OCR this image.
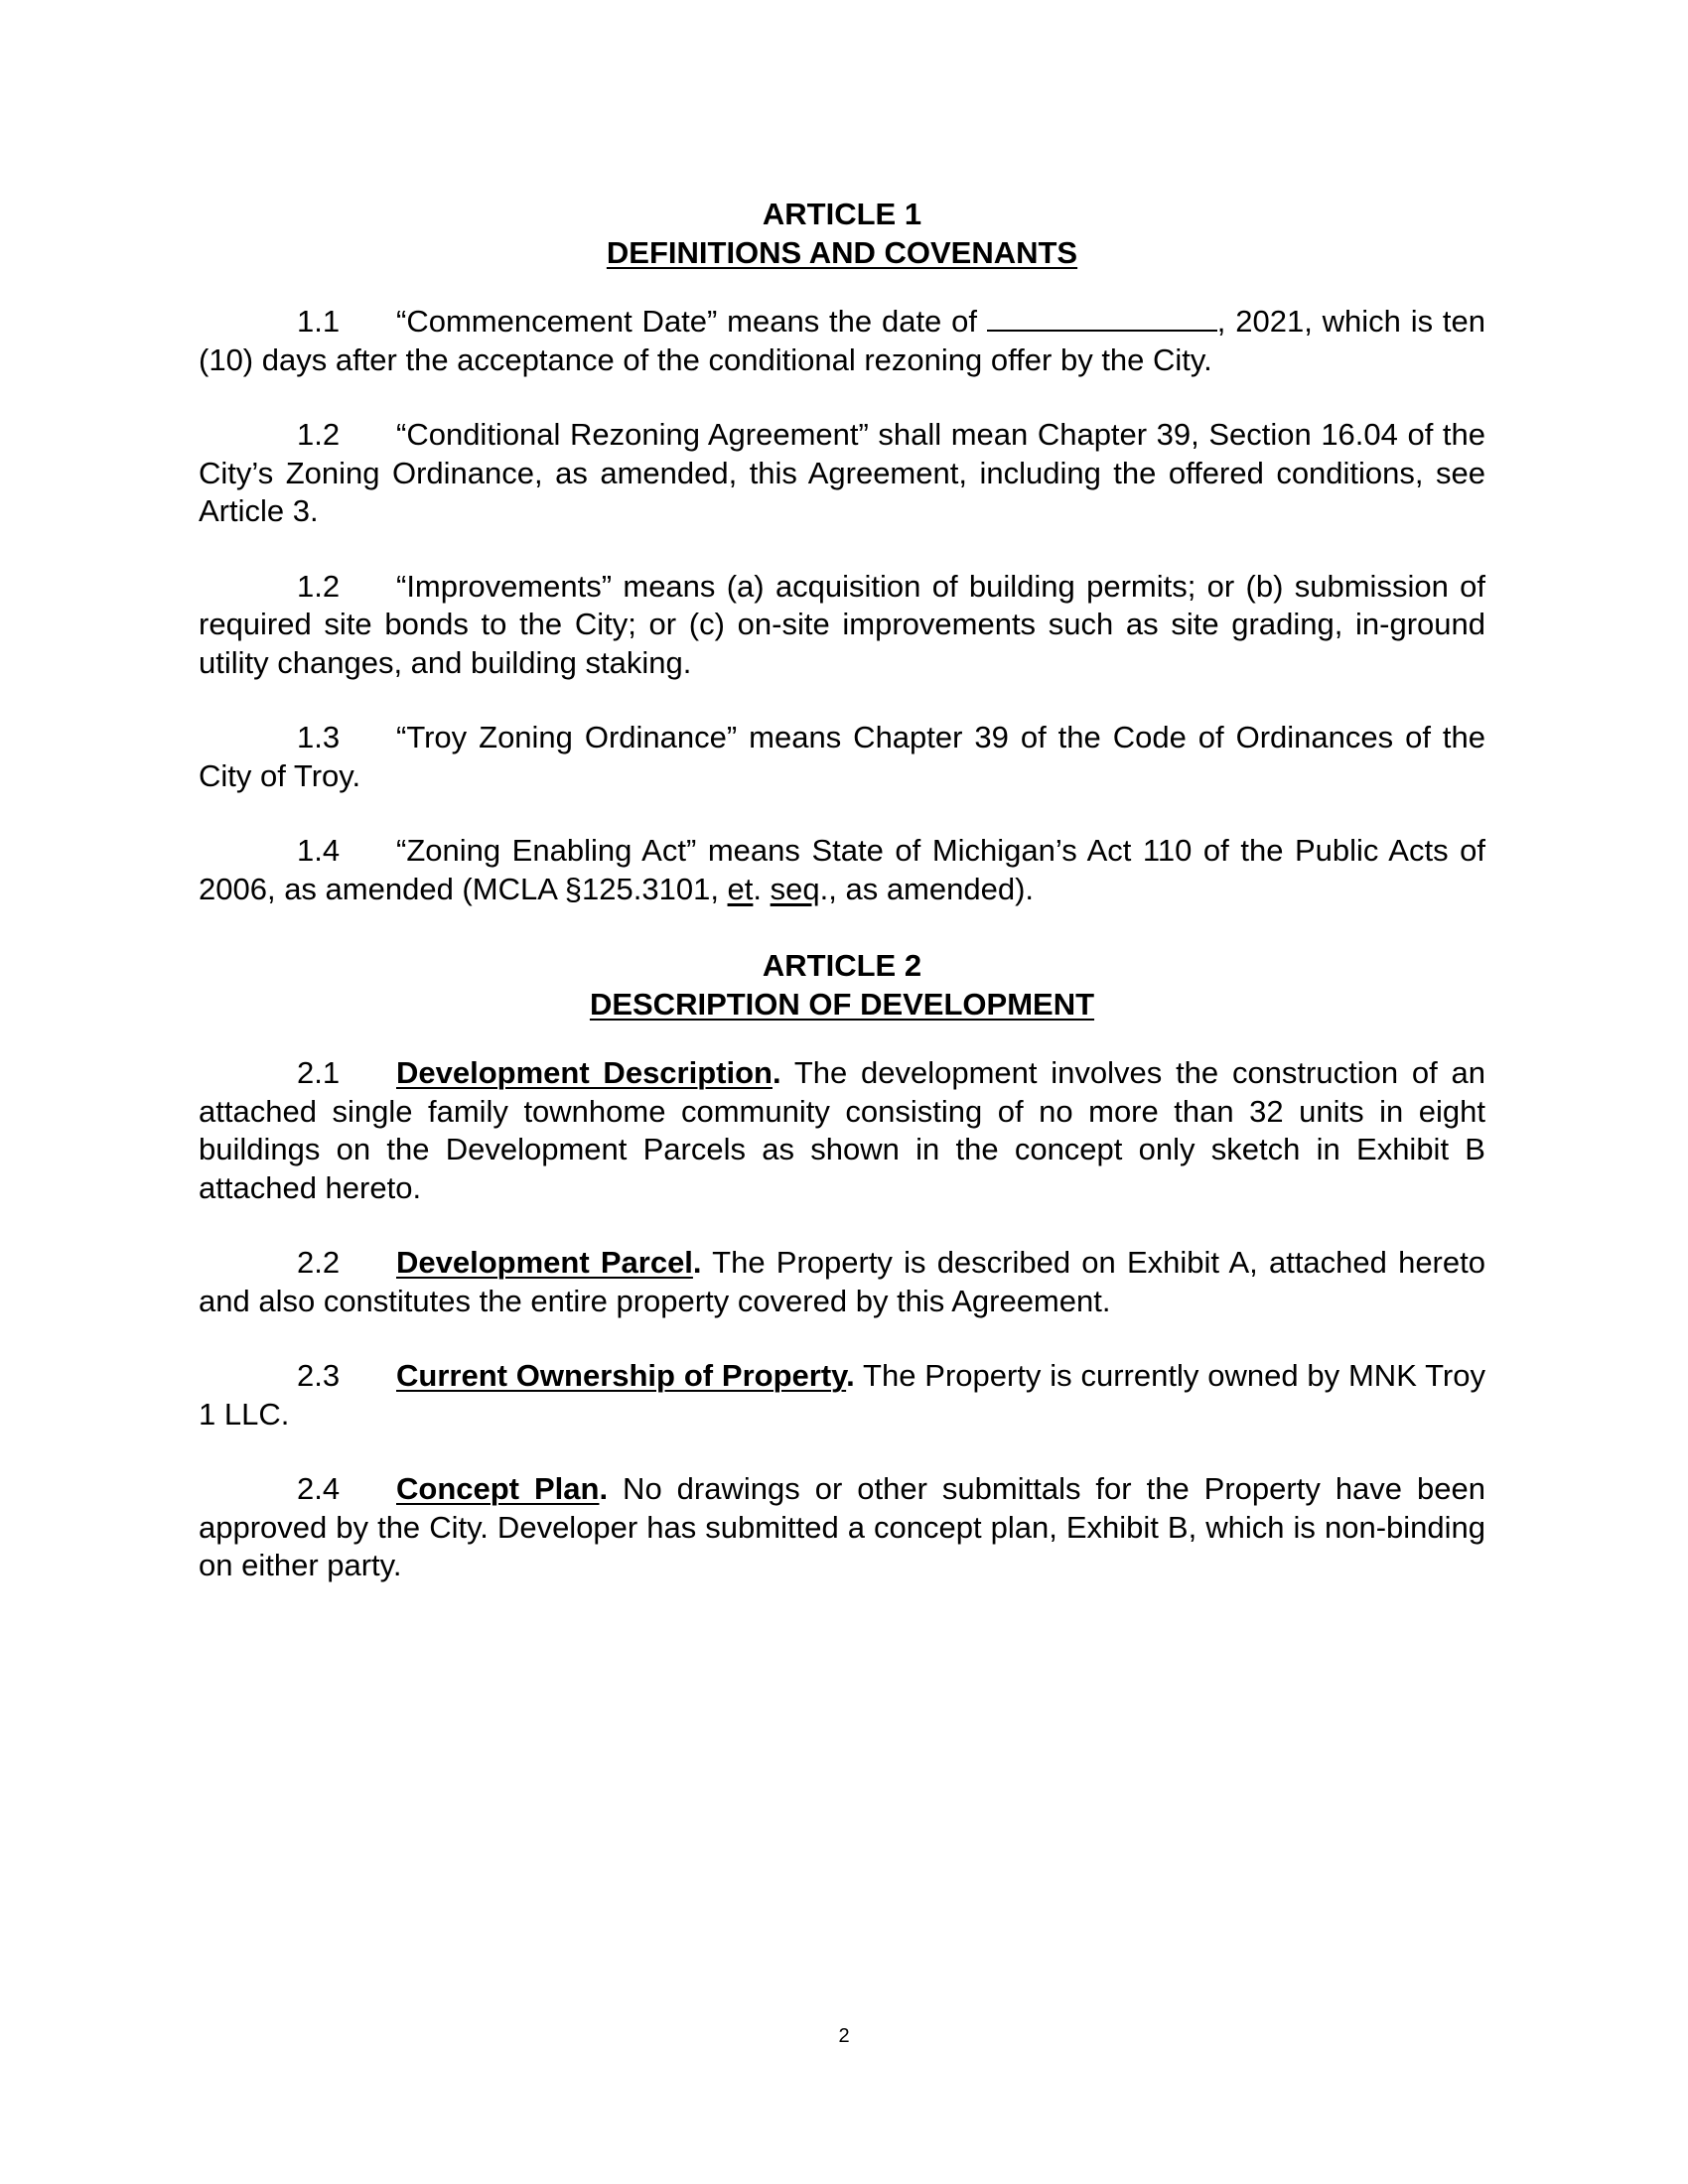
ARTICLE 1
DEFINITIONS AND COVENANTS

1.1 “Commencement Date” means the date of	, 2021, which is ten (10) days after the acceptance of the conditional rezoning offer by the City.

1.2 “Conditional Rezoning Agreement” shall mean Chapter 39, Section 16.04 of the City’s Zoning Ordinance, as amended, this Agreement, including the offered conditions, see Article 3.

1.2 “Improvements” means (a) acquisition of building permits; or (b) submission of required site bonds to the City; or (c) on-site improvements such as site grading, in-ground utility changes, and building staking.

1.3 “Troy Zoning Ordinance” means Chapter 39 of the Code of Ordinances of the City of Troy.

1.4 “Zoning Enabling Act” means State of Michigan’s Act 110 of the Public Acts of 2006, as amended (MCLA §125.3101, et. seq., as amended).

ARTICLE 2
DESCRIPTION OF DEVELOPMENT

2.1 Development Description. The development involves the construction of an attached single family townhome community consisting of no more than 32 units in eight buildings on the Development Parcels as shown in the concept only sketch in Exhibit B attached hereto.

2.2 Development Parcel. The Property is described on Exhibit A, attached hereto and also constitutes the entire property covered by this Agreement.

2.3 Current Ownership of Property. The Property is currently owned by MNK Troy 1 LLC.

2.4 Concept Plan. No drawings or other submittals for the Property have been approved by the City. Developer has submitted a concept plan, Exhibit B, which is non-binding on either party.

2
